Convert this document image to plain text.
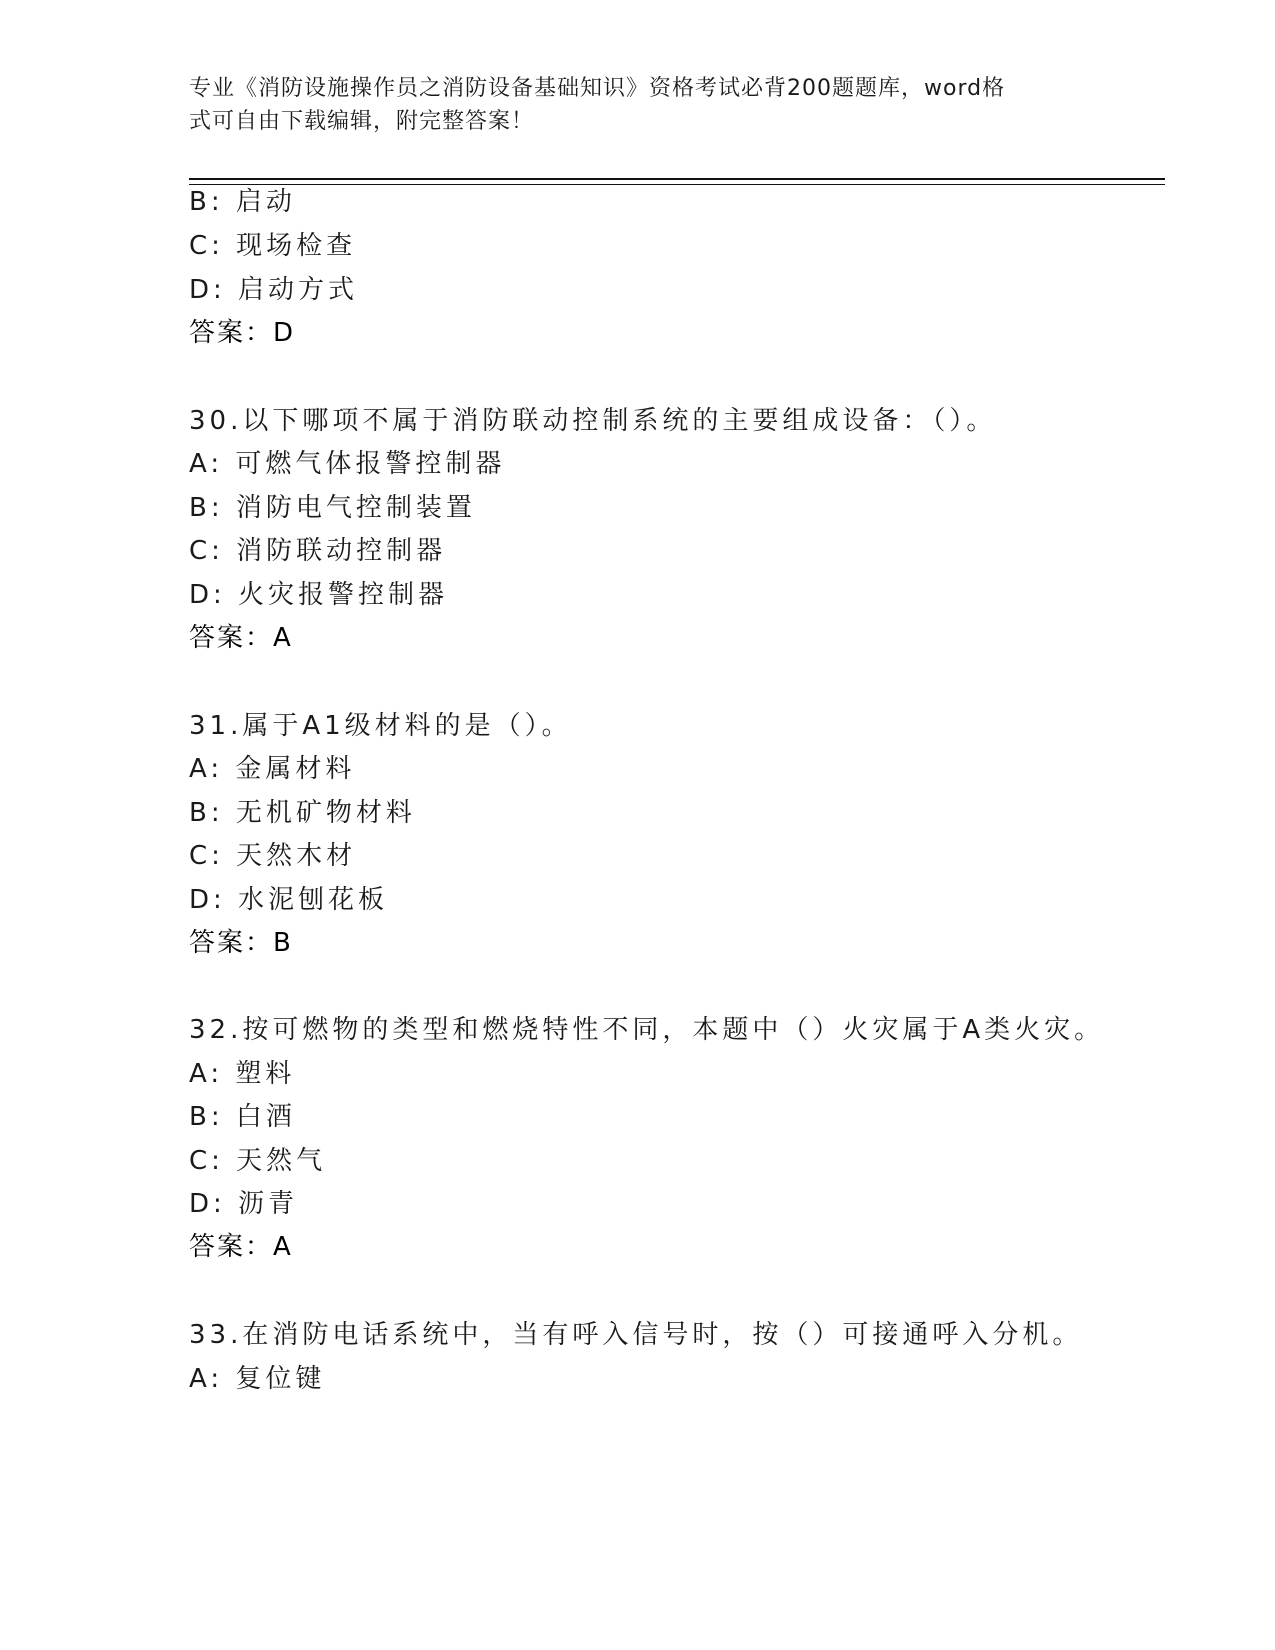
专业《消防设施操作员之消防设备基础知识》资格考试必背200题题库，word格
式可自由下载编辑，附完整答案！
B: 启动
C: 现场检查
D: 启动方式
答案：D
30.以下哪项不属于消防联动控制系统的主要组成设备：（）。
A: 可燃气体报警控制器
B: 消防电气控制装置
C: 消防联动控制器
D: 火灾报警控制器
答案：A
31.属于A1级材料的是（）。
A: 金属材料
B: 无机矿物材料
C: 天然木材
D: 水泥刨花板
答案：B
32.按可燃物的类型和燃烧特性不同，本题中（）火灾属于A类火灾。
A: 塑料
B: 白酒
C: 天然气
D: 沥青
答案：A
33.在消防电话系统中，当有呼入信号时，按（）可接通呼入分机。
A: 复位键
